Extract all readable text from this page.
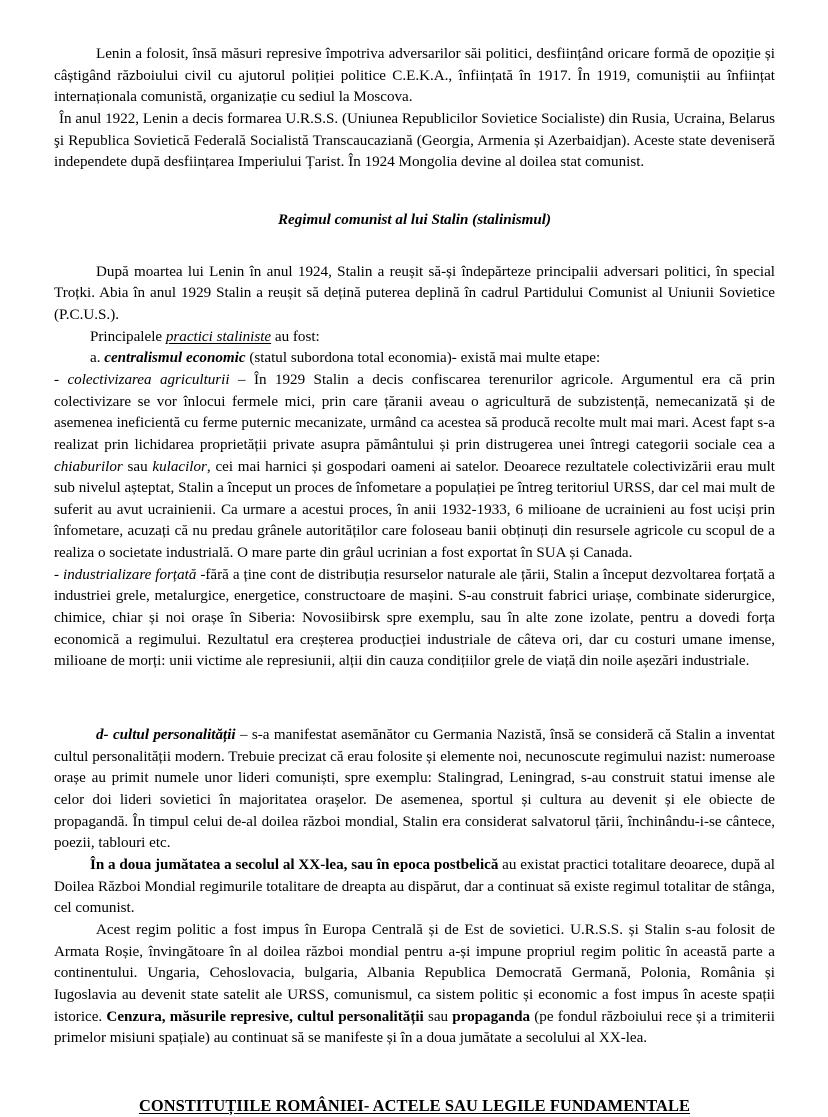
Lenin a folosit, însă măsuri represive împotriva adversarilor săi politici, desființând oricare formă de opoziție și câștigând războiului civil cu ajutorul poliției politice C.E.K.A., înființată în 1917. În 1919, comuniștii au înființat internaționala comunistă, organizație cu sediul la Moscova.

În anul 1922, Lenin a decis formarea U.R.S.S. (Uniunea Republicilor Sovietice Socialiste) din Rusia, Ucraina, Belarus şi Republica Sovietică Federală Socialistă Transcaucaziană (Georgia, Armenia și Azerbaidjan). Aceste state deveniseră independete după desființarea Imperiului Țarist. În 1924 Mongolia devine al doilea stat comunist.

Regimul comunist al lui Stalin (stalinismul)

După moartea lui Lenin în anul 1924, Stalin a reușit să-și îndepărteze principalii adversari politici, în special Troțki. Abia în anul 1929 Stalin a reușit să dețină puterea deplină în cadrul Partidului Comunist al Uniunii Sovietice (P.C.U.S.).

Principalele practici staliniste au fost:

a. centralismul economic (statul subordona total economia)- există mai multe etape:

- colectivizarea agriculturii – În 1929 Stalin a decis confiscarea terenurilor agricole. Argumentul era că prin colectivizare se vor înlocui fermele mici, prin care țăranii aveau o agricultură de subzistență, nemecanizată și de asemenea ineficientă cu ferme puternic mecanizate, urmând ca acestea să producă recolte mult mai mari. Acest fapt s-a realizat prin lichidarea proprietății private asupra pământului și prin distrugerea unei întregi categorii sociale cea a chiaburilor sau kulacilor, cei mai harnici și gospodari oameni ai satelor. Deoarece rezultatele colectivizării erau mult sub nivelul așteptat, Stalin a început un proces de înfometare a populației pe întreg teritoriul URSS, dar cel mai mult de suferit au avut ucrainienii. Ca urmare a acestui proces, în anii 1932-1933, 6 milioane de ucrainieni au fost uciși prin înfometare, acuzați că nu predau grânele autorităților care foloseau banii obținuți din resursele agricole cu scopul de a realiza o societate industrială. O mare parte din grâul ucrinian a fost exportat în SUA și Canada.

- industrializare forțată -fără a ține cont de distribuția resurselor naturale ale țării, Stalin a început dezvoltarea forțată a industriei grele, metalurgice, energetice, constructoare de mașini. S-au construit fabrici uriașe, combinate siderurgice, chimice, chiar și noi orașe în Siberia: Novosiibirsk spre exemplu, sau în alte zone izolate, pentru a dovedi forța economică a regimului. Rezultatul era creșterea producției industriale de câteva ori, dar cu costuri umane imense, milioane de morți: unii victime ale represiunii, alții din cauza condițiilor grele de viață din noile așezări industriale.

d- cultul personalității – s-a manifestat asemănător cu Germania Nazistă, însă se consideră că Stalin a inventat cultul personalității modern. Trebuie precizat că erau folosite și elemente noi, necunoscute regimului nazist: numeroase orașe au primit numele unor lideri comuniști, spre exemplu: Stalingrad, Leningrad, s-au construit statui imense ale celor doi lideri sovietici în majoritatea orașelor. De asemenea, sportul și cultura au devenit și ele obiecte de propagandă. În timpul celui de-al doilea război mondial, Stalin era considerat salvatorul țării, închinându-i-se cântece, poezii, tablouri etc.

În a doua jumătatea a secolul al XX-lea, sau în epoca postbelică au existat practici totalitare deoarece, după al Doilea Război Mondial regimurile totalitare de dreapta au dispărut, dar a continuat să existe regimul totalitar de stânga, cel comunist.

Acest regim politic a fost impus în Europa Centrală și de Est de sovietici. U.R.S.S. și Stalin s-au folosit de Armata Roșie, învingătoare în al doilea război mondial pentru a-și impune propriul regim politic în această parte a continentului. Ungaria, Cehoslovacia, bulgaria, Albania Republica Democrată Germană, Polonia, România și Iugoslavia au devenit state satelit ale URSS, comunismul, ca sistem politic și economic a fost impus în aceste spații istorice. Cenzura, măsurile represive, cultul personalității sau propaganda (pe fondul războiului rece și a trimiterii primelor misiuni spațiale) au continuat să se manifeste și în a doua jumătate a secolului al XX-lea.

CONSTITUȚIILE ROMÂNIEI- ACTELE SAU LEGILE FUNDAMENTALE
